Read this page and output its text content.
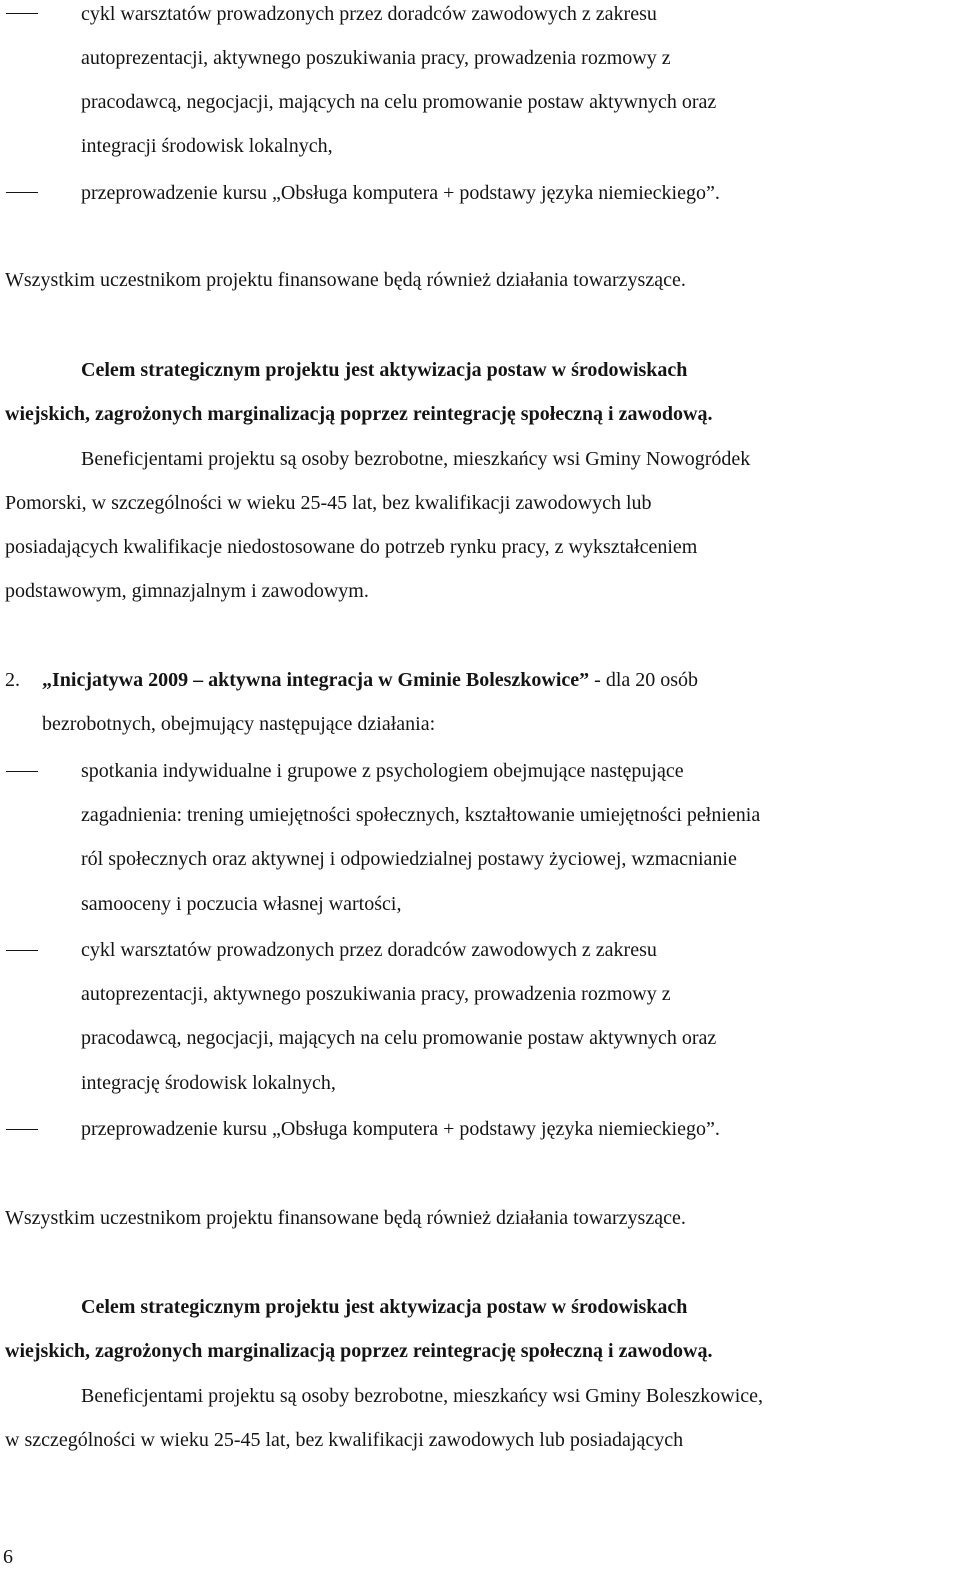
cykl warsztatów prowadzonych przez doradców zawodowych z zakresu
autoprezentacji, aktywnego poszukiwania pracy, prowadzenia rozmowy z
pracodawcą, negocjacji, mających na celu promowanie postaw aktywnych oraz
integracji środowisk lokalnych,
przeprowadzenie kursu „Obsługa komputera + podstawy języka niemieckiego”.
Wszystkim uczestnikom projektu finansowane będą również działania towarzyszące.
Celem strategicznym projektu jest aktywizacja postaw w środowiskach
wiejskich, zagrożonych marginalizacją poprzez reintegrację społeczną i zawodową.
Beneficjentami projektu są osoby bezrobotne, mieszkańcy wsi Gminy Nowogródek
Pomorski, w szczególności w wieku 25-45 lat, bez kwalifikacji zawodowych lub
posiadających kwalifikacje niedostosowane do potrzeb rynku pracy, z wykształceniem
podstawowym, gimnazjalnym i zawodowym.
2. „Inicjatywa 2009 – aktywna integracja w Gminie Boleszkowice” - dla 20 osób
bezrobotnych, obejmujący następujące działania:
spotkania indywidualne i grupowe z psychologiem obejmujące następujące
zagadnienia: trening umiejętności społecznych, kształtowanie umiejętności pełnienia
ról społecznych oraz aktywnej i odpowiedzialnej postawy życiowej, wzmacnianie
samooceny i poczucia własnej wartości,
cykl warsztatów prowadzonych przez doradców zawodowych z zakresu
autoprezentacji, aktywnego poszukiwania pracy, prowadzenia rozmowy z
pracodawcą, negocjacji, mających na celu promowanie postaw aktywnych oraz
integrację środowisk lokalnych,
przeprowadzenie kursu „Obsługa komputera + podstawy języka niemieckiego”.
Wszystkim uczestnikom projektu finansowane będą również działania towarzyszące.
Celem strategicznym projektu jest aktywizacja postaw w środowiskach
wiejskich, zagrożonych marginalizacją poprzez reintegrację społeczną i zawodową.
Beneficjentami projektu są osoby bezrobotne, mieszkańcy wsi Gminy Boleszkowice,
w szczególności w wieku 25-45 lat, bez kwalifikacji zawodowych lub posiadających
6
